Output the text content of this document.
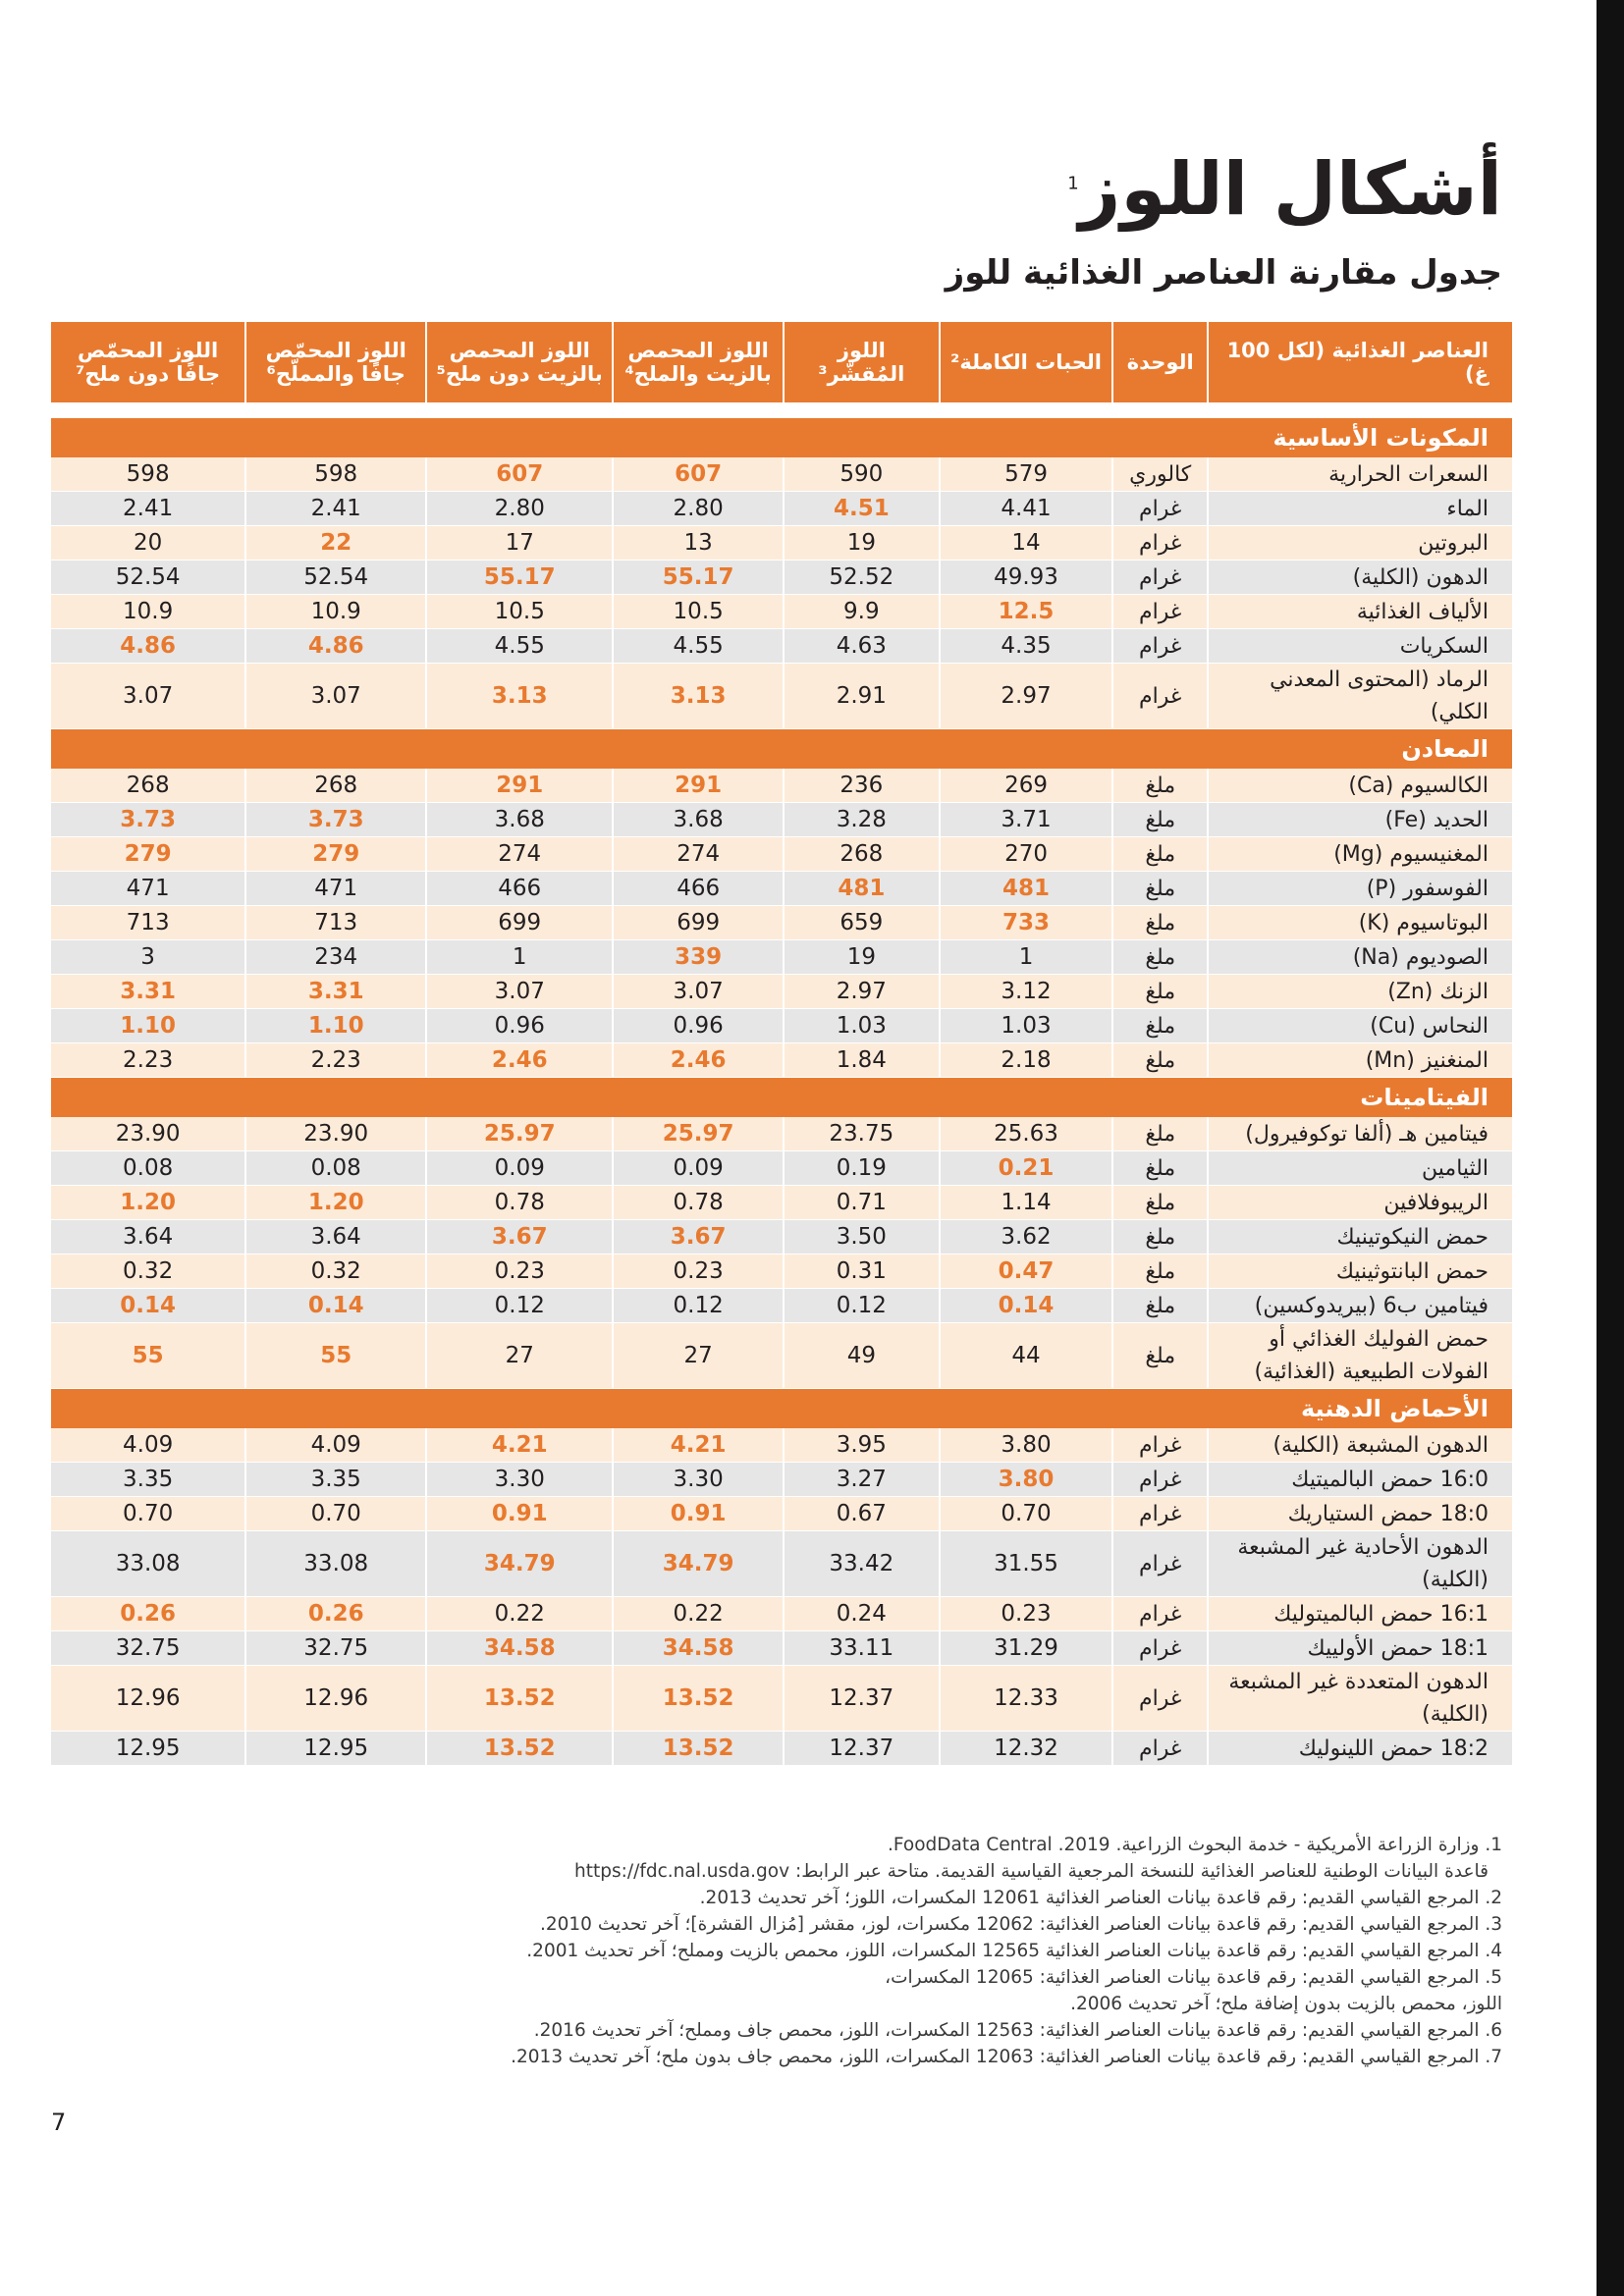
أشكال اللوز$^1$
جدول مقارنة العناصر الغذائية للوز
العناصر الغذائية (لكل 100 غ)	الوحدة	الحبات الكاملة²	اللوز المُقشّر³	اللوز المحمص بالزيت والملح⁴	اللوز المحمص بالزيت دون ملح⁵	اللوز المحمّص جافًا والمملّح⁶	اللوز المحمّص جافًا دون ملح⁷

المكونات الأساسية							
السعرات الحرارية	كالوري	579	590	607	607	598	598
الماء	غرام	4.41	4.51	2.80	2.80	2.41	2.41
البروتين	غرام	14	19	13	17	22	20
الدهون (الكلية)	غرام	49.93	52.52	55.17	55.17	52.54	52.54
الألياف الغذائية	غرام	12.5	9.9	10.5	10.5	10.9	10.9
السكريات	غرام	4.35	4.63	4.55	4.55	4.86	4.86
الرماد (المحتوى المعدني الكلي)	غرام	2.97	2.91	3.13	3.13	3.07	3.07
المعادن							
الكالسيوم (Ca)	ملغ	269	236	291	291	268	268
الحديد (Fe)	ملغ	3.71	3.28	3.68	3.68	3.73	3.73
المغنيسيوم (Mg)	ملغ	270	268	274	274	279	279
الفوسفور (P)	ملغ	481	481	466	466	471	471
البوتاسيوم (K)	ملغ	733	659	699	699	713	713
الصوديوم (Na)	ملغ	1	19	339	1	234	3
الزنك (Zn)	ملغ	3.12	2.97	3.07	3.07	3.31	3.31
النحاس (Cu)	ملغ	1.03	1.03	0.96	0.96	1.10	1.10
المنغنيز (Mn)	ملغ	2.18	1.84	2.46	2.46	2.23	2.23
الفيتامينات							
فيتامين هـ (ألفا توكوفيرول)	ملغ	25.63	23.75	25.97	25.97	23.90	23.90
الثيامين	ملغ	0.21	0.19	0.09	0.09	0.08	0.08
الريبوفلافين	ملغ	1.14	0.71	0.78	0.78	1.20	1.20
حمض النيكوتينيك	ملغ	3.62	3.50	3.67	3.67	3.64	3.64
حمض البانتوثينيك	ملغ	0.47	0.31	0.23	0.23	0.32	0.32
فيتامين ب6 (بيريدوكسين)	ملغ	0.14	0.12	0.12	0.12	0.14	0.14
حمض الفوليك الغذائي أو الفولات الطبيعية (الغذائية)	ملغ	44	49	27	27	55	55
الأحماض الدهنية							
الدهون المشبعة (الكلية)	غرام	3.80	3.95	4.21	4.21	4.09	4.09
16:0 حمض البالميتيك	غرام	3.80	3.27	3.30	3.30	3.35	3.35
18:0 حمض الستياريك	غرام	0.70	0.67	0.91	0.91	0.70	0.70
الدهون الأحادية غير المشبعة (الكلية)	غرام	31.55	33.42	34.79	34.79	33.08	33.08
16:1 حمض البالميتوليك	غرام	0.23	0.24	0.22	0.22	0.26	0.26
18:1 حمض الأولييك	غرام	31.29	33.11	34.58	34.58	32.75	32.75
الدهون المتعددة غير المشبعة (الكلية)	غرام	12.33	12.37	13.52	13.52	12.96	12.96
18:2 حمض اللينوليك	غرام	12.32	12.37	13.52	13.52	12.95	12.95

1. وزارة الزراعة الأمريكية - خدمة البحوث الزراعية. 2019. FoodData Central.

قاعدة البيانات الوطنية للعناصر الغذائية للنسخة المرجعية القياسية القديمة. متاحة عبر الرابط: https://fdc.nal.usda.gov

2. المرجع القياسي القديم: رقم قاعدة بيانات العناصر الغذائية 12061 المكسرات، اللوز؛ آخر تحديث 2013.

3. المرجع القياسي القديم: رقم قاعدة بيانات العناصر الغذائية: 12062 مكسرات، لوز، مقشر [مُزال القشرة]؛ آخر تحديث 2010.

4. المرجع القياسي القديم: رقم قاعدة بيانات العناصر الغذائية 12565 المكسرات، اللوز، محمص بالزيت ومملح؛ آخر تحديث 2001.

5. المرجع القياسي القديم: رقم قاعدة بيانات العناصر الغذائية: 12065 المكسرات،

اللوز، محمص بالزيت بدون إضافة ملح؛ آخر تحديث 2006.

6. المرجع القياسي القديم: رقم قاعدة بيانات العناصر الغذائية: 12563 المكسرات، اللوز، محمص جاف ومملح؛ آخر تحديث 2016.

7. المرجع القياسي القديم: رقم قاعدة بيانات العناصر الغذائية: 12063 المكسرات، اللوز، محمص جاف بدون ملح؛ آخر تحديث 2013.

7
